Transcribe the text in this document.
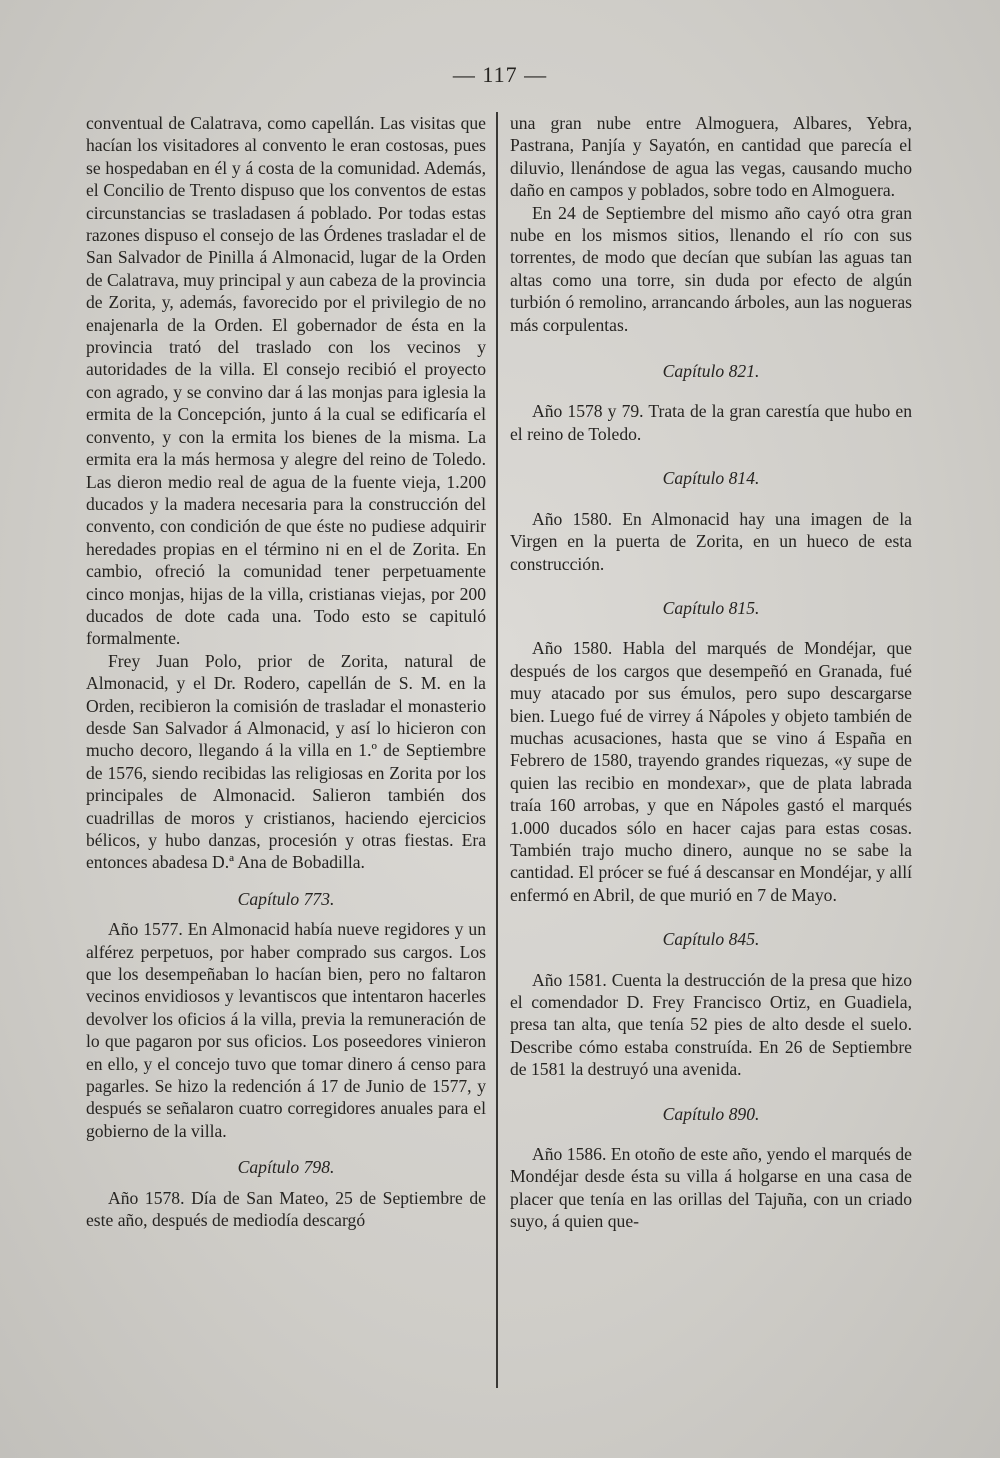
— 117 —

conventual de Calatrava, como capellán. Las visitas que hacían los visitadores al convento le eran costosas, pues se hospedaban en él y á costa de la comunidad. Además, el Concilio de Trento dispuso que los conventos de estas circunstancias se trasladasen á poblado. Por todas estas razones dispuso el consejo de las Órdenes trasladar el de San Salvador de Pinilla á Almonacid, lugar de la Orden de Calatrava, muy principal y aun cabeza de la provincia de Zorita, y, además, favorecido por el privilegio de no enajenarla de la Orden. El gobernador de ésta en la provincia trató del traslado con los vecinos y autoridades de la villa. El consejo recibió el proyecto con agrado, y se convino dar á las monjas para iglesia la ermita de la Concepción, junto á la cual se edificaría el convento, y con la ermita los bienes de la misma. La ermita era la más hermosa y alegre del reino de Toledo. Las dieron medio real de agua de la fuente vieja, 1.200 ducados y la madera necesaria para la construcción del convento, con condición de que éste no pudiese adquirir heredades propias en el término ni en el de Zorita. En cambio, ofreció la comunidad tener perpetuamente cinco monjas, hijas de la villa, cristianas viejas, por 200 ducados de dote cada una. Todo esto se capituló formalmente.

Frey Juan Polo, prior de Zorita, natural de Almonacid, y el Dr. Rodero, capellán de S. M. en la Orden, recibieron la comisión de trasladar el monasterio desde San Salvador á Almonacid, y así lo hicieron con mucho decoro, llegando á la villa en 1.º de Septiembre de 1576, siendo recibidas las religiosas en Zorita por los principales de Almonacid. Salieron también dos cuadrillas de moros y cristianos, haciendo ejercicios bélicos, y hubo danzas, procesión y otras fiestas. Era entonces abadesa D.ª Ana de Bobadilla.

Capítulo 773.

Año 1577. En Almonacid había nueve regidores y un alférez perpetuos, por haber comprado sus cargos. Los que los desempeñaban lo hacían bien, pero no faltaron vecinos envidiosos y levantiscos que intentaron hacerles devolver los oficios á la villa, previa la remuneración de lo que pagaron por sus oficios. Los poseedores vinieron en ello, y el concejo tuvo que tomar dinero á censo para pagarles. Se hizo la redención á 17 de Junio de 1577, y después se señalaron cuatro corregidores anuales para el gobierno de la villa.

Capítulo 798.

Año 1578. Día de San Mateo, 25 de Septiembre de este año, después de mediodía descargó

una gran nube entre Almoguera, Albares, Yebra, Pastrana, Panjía y Sayatón, en cantidad que parecía el diluvio, llenándose de agua las vegas, causando mucho daño en campos y poblados, sobre todo en Almoguera.

En 24 de Septiembre del mismo año cayó otra gran nube en los mismos sitios, llenando el río con sus torrentes, de modo que decían que subían las aguas tan altas como una torre, sin duda por efecto de algún turbión ó remolino, arrancando árboles, aun las nogueras más corpulentas.

Capítulo 821.

Año 1578 y 79. Trata de la gran carestía que hubo en el reino de Toledo.

Capítulo 814.

Año 1580. En Almonacid hay una imagen de la Virgen en la puerta de Zorita, en un hueco de esta construcción.

Capítulo 815.

Año 1580. Habla del marqués de Mondéjar, que después de los cargos que desempeñó en Granada, fué muy atacado por sus émulos, pero supo descargarse bien. Luego fué de virrey á Nápoles y objeto también de muchas acusaciones, hasta que se vino á España en Febrero de 1580, trayendo grandes riquezas, «y supe de quien las recibio en mondexar», que de plata labrada traía 160 arrobas, y que en Nápoles gastó el marqués 1.000 ducados sólo en hacer cajas para estas cosas. También trajo mucho dinero, aunque no se sabe la cantidad. El prócer se fué á descansar en Mondéjar, y allí enfermó en Abril, de que murió en 7 de Mayo.

Capítulo 845.

Año 1581. Cuenta la destrucción de la presa que hizo el comendador D. Frey Francisco Ortiz, en Guadiela, presa tan alta, que tenía 52 pies de alto desde el suelo. Describe cómo estaba construída. En 26 de Septiembre de 1581 la destruyó una avenida.

Capítulo 890.

Año 1586. En otoño de este año, yendo el marqués de Mondéjar desde ésta su villa á holgarse en una casa de placer que tenía en las orillas del Tajuña, con un criado suyo, á quien que-
